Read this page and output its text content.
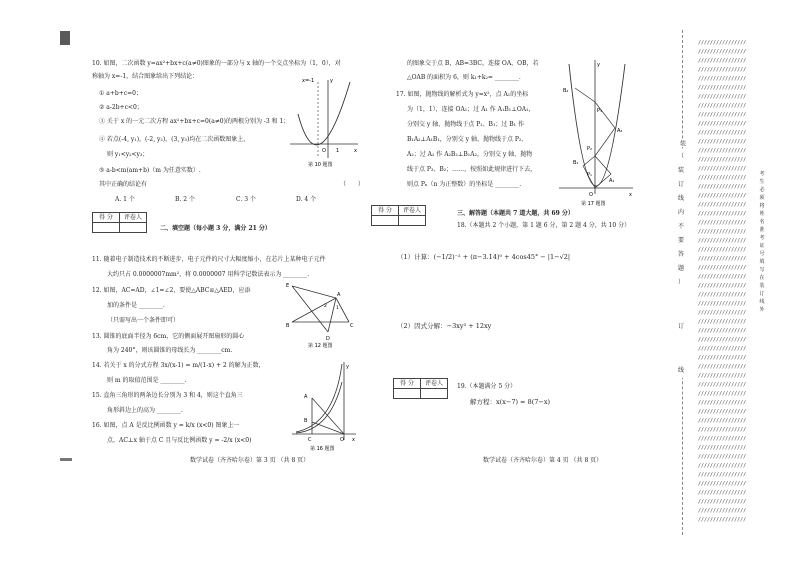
10. 如图，二次函数 y=ax²+bx+c(a≠0)图象的一部分与 x 轴的一个交点坐标为（1，0），对
称轴为 x=-1，结合图象给出下列结论：
① a+b+c=0；
② a-2b+c<0；
③ 关于 x 的一元二次方程 ax²+bx+c=0(a≠0)的两根分别为 -3 和 1；
④ 若点(-4, y₁)，(-2, y₂)，(3, y₃)均在二次函数图象上，
则 y₁<y₂<y₃；
⑤ a-b<m(am+b)（m 为任意实数）.
其中正确的结论有	（　　）
A. 1 个	B. 2 个	C. 3 个	D. 4 个
x=-1	y
O 1	x
第 10 题图
得 分	评卷人

二、填空题（每小题 3 分，满分 21 分）
11. 随着电子制造技术的不断进步，电子元件的尺寸大幅度缩小，在芯片上某种电子元件
大约只占 0.0000007mm²，将 0.0000007 用科学记数法表示为 ________.
12. 如图，AC=AD，∠1=∠2，要使△ABC≌△AED，应添
加的条件是 ________.
（只需写出一个条件即可）
E
A
B	C
D
2 1
第 12 题图
13. 圆锥的底面半径为 6cm，它的侧面展开图扇形的圆心
角为 240°，则该圆锥的母线长为 ________cm.
14. 若关于 x 的分式方程 3x/(x-1) = m/(1-x) + 2 的解为正数，
则 m 的取值范围是 ________.
15. 直角三角形的两条边长分别为 3 和 4，则这个直角三
角形斜边上的高为 ________.
16. 如图，点 A 是反比例函数 y = k/x (x<0) 图象上一
点，AC⊥x 轴于点 C 且与反比例函数 y = -2/x (x<0)
y
A
B
C	O x
第 16 题图
数学试卷（齐齐哈尔卷）第 3 页 （共 8 页）
的图象交于点 B，AB=3BC，连接 OA，OB，若
△OAB 的面积为 6，则 k₁+k₂= ________.
17. 如图，抛物线的解析式为 y=x²，点 A₁的坐标
为（1，1），连接 OA₁；过 A₁ 作 A₁B₁⊥OA₁，
分别交 y 轴、抛物线于点 P₁、B₁；过 B₁ 作
B₁A₂⊥A₁B₁，分别交 y 轴、抛物线于点 P₂、
A₂；过 A₂ 作 A₂B₂⊥B₁A₂，分别交 y 轴、抛物
线于点 P₃、B₂；……，按照如此规律进行下去，
则点 Pₙ（n 为正整数）的坐标是 ________.
y
B₂
P₃
A₂
P₂
B₁
P₁
A₁
O	x
第 17 题图
得 分	评卷人
		三、解答题（本题共 7 道大题，共 69 分）
18.（本题共 2 个小题，第 1 题 6 分，第 2 题 4 分，共 10 分）
（1）计算：(−1/2)⁻² + (π−3.14)⁰ + 4cos45° − |1−√2|
（2）因式分解：−3xy³ + 12xy
得 分	评卷人
	19.（本题满分 5 分）
解方程：x(x−7) = 8(7−x)
数学试卷（齐齐哈尔卷）第 4 页 （共 8 页）

////////////////
////////////////
////////////////
////////////////
////////////////
////////////////
////////////////
////////////////
////////////////
////////////////
////////////////
////////////////
////////////////
////////////////
////////////////
////////////////
////////////////
////////////////
////////////////
////////////////
////////////////
////////////////
////////////////
////////////////
////////////////
////////////////
////////////////
////////////////
////////////////
////////////////
////////////////
////////////////
////////////////
////////////////
////////////////
////////////////
////////////////
////////////////
////////////////
////////////////
////////////////
////////////////
////////////////
////////////////
////////////////
////////////////
////////////////
////////////////
////////////////
////////////////
////////////////
////////////////
////////////////
////////////////

装

（
装
订
线
内
不
要
答
题
）
订
线
考
生
必
须
将
姓
名
准
考
证
号
填
写
在
装
订
线
外
